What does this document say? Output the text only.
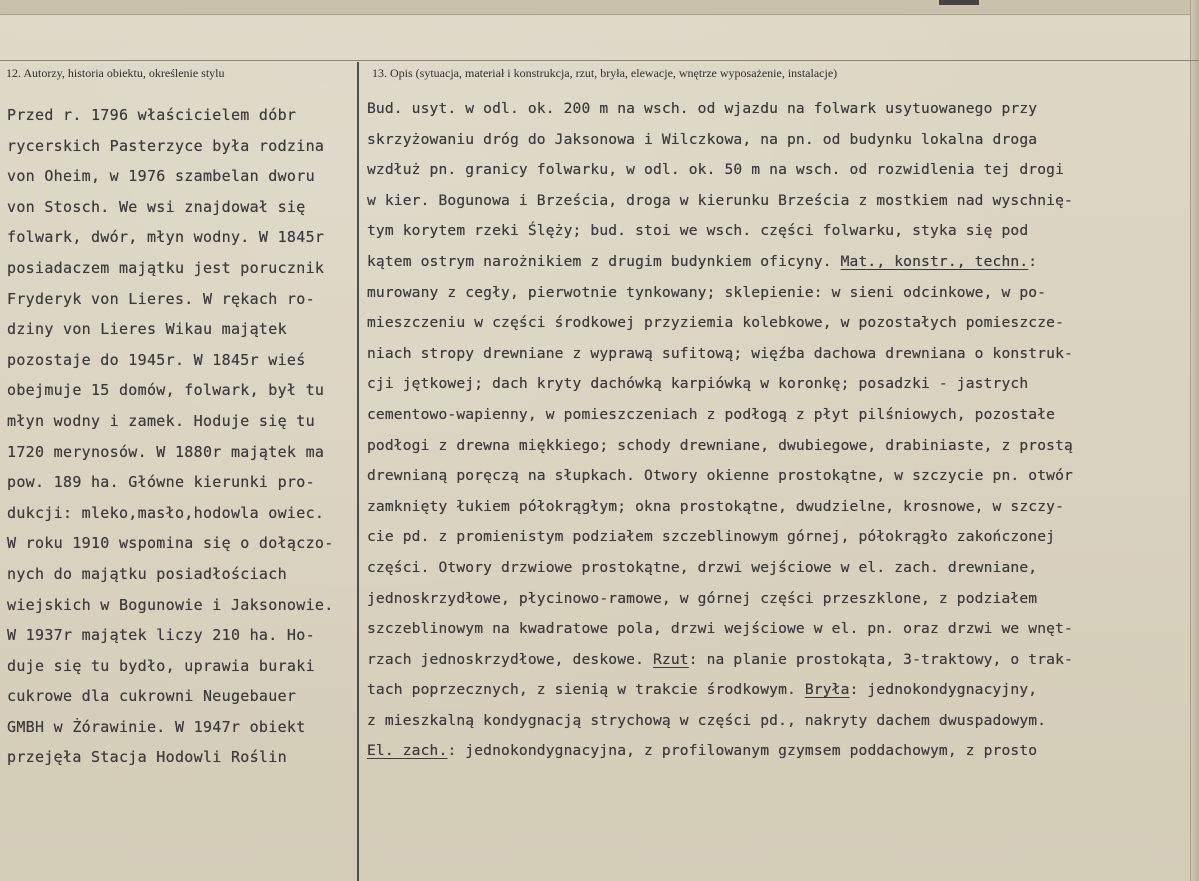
12. Autorzy, historia obiektu, określenie stylu	13. Opis (sytuacja, materiał i konstrukcja, rzut, bryła, elewacje, wnętrze wyposażenie, instalacje)
Przed r. 1796 właścicielem dóbr
rycerskich Pasterzyce była rodzina
von Oheim, w 1976 szambelan dworu
von Stosch. We wsi znajdował się
folwark, dwór, młyn wodny. W 1845r
posiadaczem majątku jest porucznik
Fryderyk von Lieres. W rękach ro-
dziny von Lieres Wikau majątek
pozostaje do 1945r. W 1845r wieś
obejmuje 15 domów, folwark, był tu
młyn wodny i zamek. Hoduje się tu
1720 merynosów. W 1880r majątek ma
pow. 189 ha. Główne kierunki pro-
dukcji: mleko,masło,hodowla owiec.
W roku 1910 wspomina się o dołączo-
nych do majątku posiadłościach
wiejskich w Bogunowie i Jaksonowie.
W 1937r majątek liczy 210 ha. Ho-
duje się tu bydło, uprawia buraki
cukrowe dla cukrowni Neugebauer
GMBH w Żórawinie. W 1947r obiekt
przejęła Stacja Hodowli Roślin
Bud. usyt. w odl. ok. 200 m na wsch. od wjazdu na folwark usytuowanego przy
skrzyżowaniu dróg do Jaksonowa i Wilczkowa, na pn. od budynku lokalna droga
wzdłuż pn. granicy folwarku, w odl. ok. 50 m na wsch. od rozwidlenia tej drogi
w kier. Bogunowa i Brześcia, droga w kierunku Brześcia z mostkiem nad wyschnię-
tym korytem rzeki Ślęży; bud. stoi we wsch. części folwarku, styka się pod
kątem ostrym narożnikiem z drugim budynkiem oficyny. Mat., konstr., techn.:
murowany z cegły, pierwotnie tynkowany; sklepienie: w sieni odcinkowe, w po-
mieszczeniu w części środkowej przyziemia kolebkowe, w pozostałych pomieszcze-
niach stropy drewniane z wyprawą sufitową; więźba dachowa drewniana o konstruk-
cji jętkowej; dach kryty dachówką karpiówką w koronkę; posadzki - jastrych
cementowo-wapienny, w pomieszczeniach z podłogą z płyt pilśniowych, pozostałe
podłogi z drewna miękkiego; schody drewniane, dwubiegowe, drabiniaste, z prostą
drewnianą poręczą na słupkach. Otwory okienne prostokątne, w szczycie pn. otwór
zamknięty łukiem półokrągłym; okna prostokątne, dwudzielne, krosnowe, w szczy-
cie pd. z promienistym podziałem szczeblinowym górnej, półokrągło zakończonej
części. Otwory drzwiowe prostokątne, drzwi wejściowe w el. zach. drewniane,
jednoskrzydłowe, płycinowo-ramowe, w górnej części przeszklone, z podziałem
szczeblinowym na kwadratowe pola, drzwi wejściowe w el. pn. oraz drzwi we wnęt-
rzach jednoskrzydłowe, deskowe. Rzut: na planie prostokąta, 3-traktowy, o trak-
tach poprzecznych, z sienią w trakcie środkowym. Bryła: jednokondygnacyjny,
z mieszkalną kondygnacją strychową w części pd., nakryty dachem dwuspadowym.
El. zach.: jednokondygnacyjna, z profilowanym gzymsem poddachowym, z prosto
